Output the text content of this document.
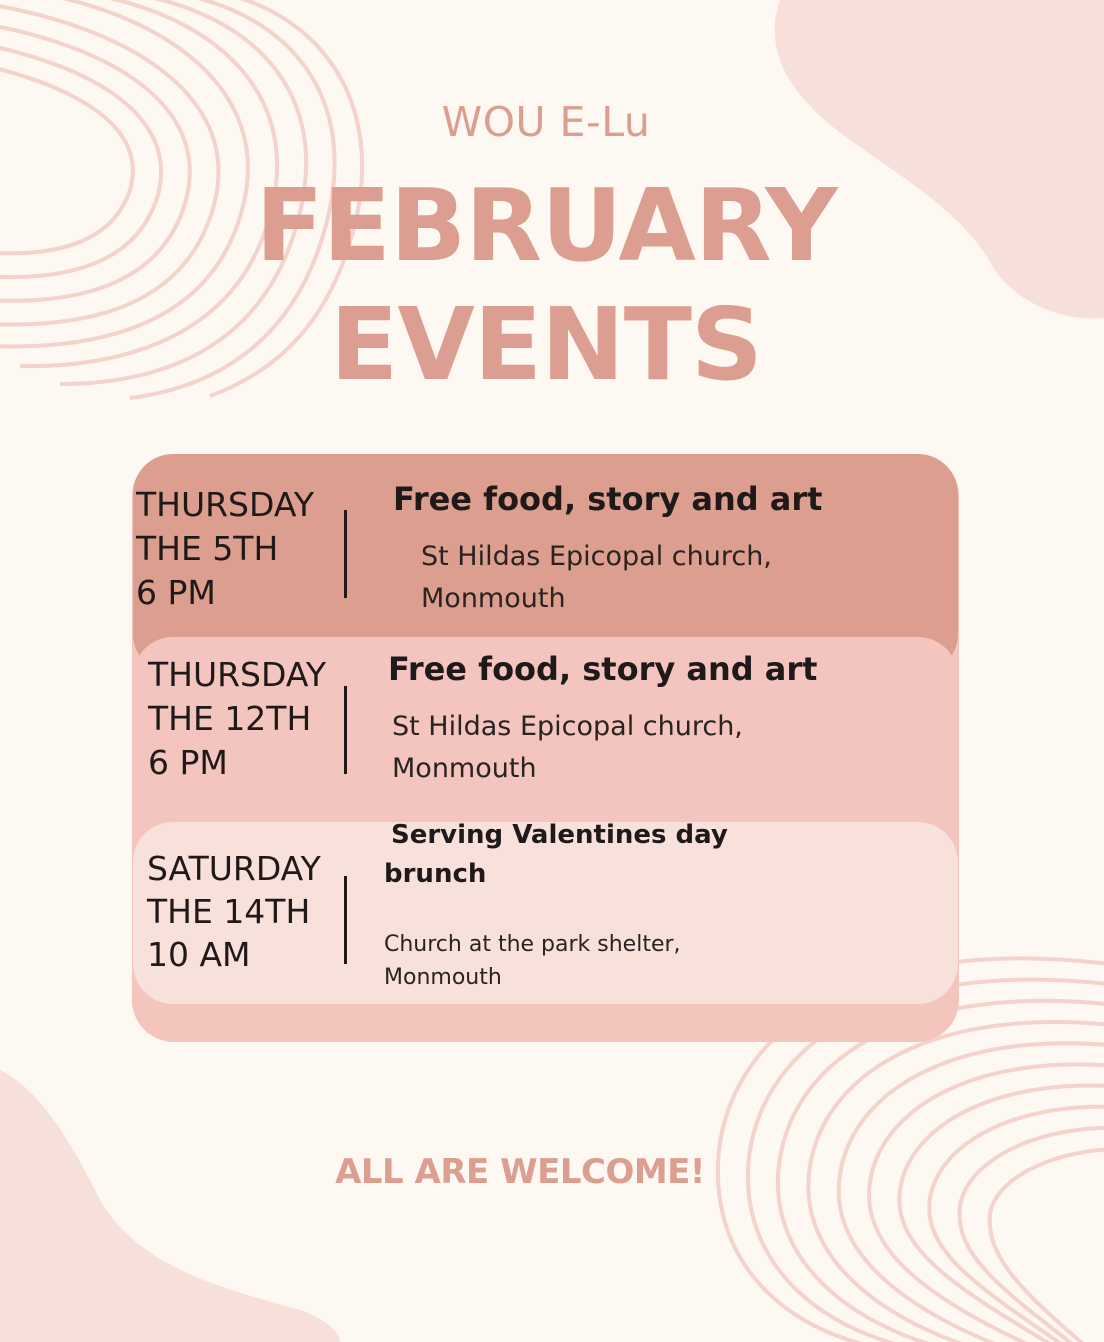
WOU E-Lu
FEBRUARY
EVENTS
THURSDAY
THE 5TH
6 PM
Free food, story and art
St Hildas Epicopal church,
Monmouth
THURSDAY
THE 12TH
6 PM
Free food, story and art
St Hildas Epicopal church,
Monmouth
SATURDAY
THE 14TH
10 AM
Serving Valentines day
brunch
Church at the park shelter,
Monmouth
ALL ARE WELCOME!
